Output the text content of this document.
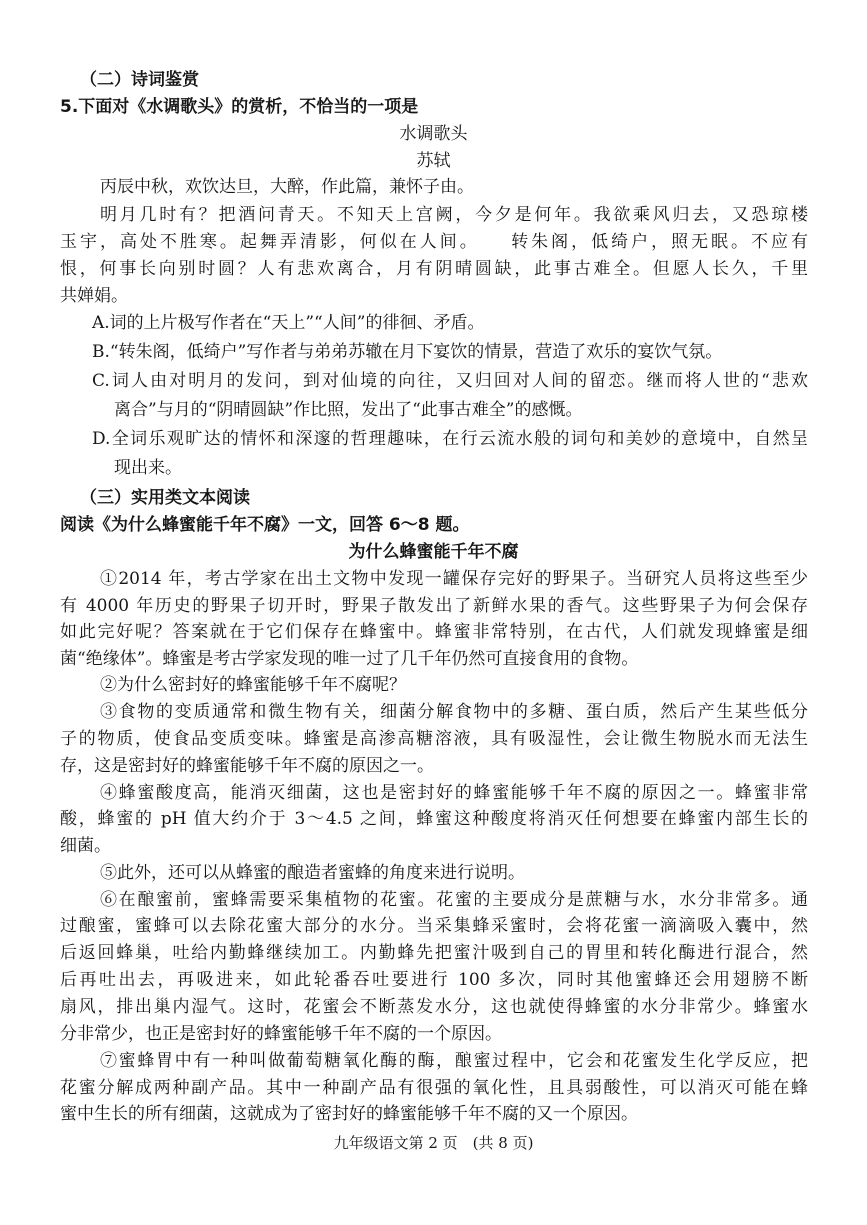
（二）诗词鉴赏
5.下面对《水调歌头》的赏析，不恰当的一项是
水调歌头
苏轼
丙辰中秋，欢饮达旦，大醉，作此篇，兼怀子由。
明月几时有？把酒问青天。不知天上宫阙，今夕是何年。我欲乘风归去，又恐琼楼
玉宇，高处不胜寒。起舞弄清影，何似在人间。　　转朱阁，低绮户，照无眠。不应有
恨，何事长向别时圆？人有悲欢离合，月有阴晴圆缺，此事古难全。但愿人长久，千里
共婵娟。
A.词的上片极写作者在“天上”“人间”的徘徊、矛盾。
B.“转朱阁，低绮户”写作者与弟弟苏辙在月下宴饮的情景，营造了欢乐的宴饮气氛。
C.词人由对明月的发问，到对仙境的向往，又归回对人间的留恋。继而将人世的“悲欢
离合”与月的“阴晴圆缺”作比照，发出了“此事古难全”的感慨。
D.全词乐观旷达的情怀和深邃的哲理趣味，在行云流水般的词句和美妙的意境中，自然呈
现出来。
（三）实用类文本阅读
阅读《为什么蜂蜜能千年不腐》一文，回答 6～8 题。
为什么蜂蜜能千年不腐
①2014 年，考古学家在出土文物中发现一罐保存完好的野果子。当研究人员将这些至少
有 4000 年历史的野果子切开时，野果子散发出了新鲜水果的香气。这些野果子为何会保存
如此完好呢？答案就在于它们保存在蜂蜜中。蜂蜜非常特别，在古代，人们就发现蜂蜜是细
菌“绝缘体”。蜂蜜是考古学家发现的唯一过了几千年仍然可直接食用的食物。
②为什么密封好的蜂蜜能够千年不腐呢？
③食物的变质通常和微生物有关，细菌分解食物中的多糖、蛋白质，然后产生某些低分
子的物质，使食品变质变味。蜂蜜是高渗高糖溶液，具有吸湿性，会让微生物脱水而无法生
存，这是密封好的蜂蜜能够千年不腐的原因之一。
④蜂蜜酸度高，能消灭细菌，这也是密封好的蜂蜜能够千年不腐的原因之一。蜂蜜非常
酸，蜂蜜的 pH 值大约介于 3～4.5 之间，蜂蜜这种酸度将消灭任何想要在蜂蜜内部生长的
细菌。
⑤此外，还可以从蜂蜜的酿造者蜜蜂的角度来进行说明。
⑥在酿蜜前，蜜蜂需要采集植物的花蜜。花蜜的主要成分是蔗糖与水，水分非常多。通
过酿蜜，蜜蜂可以去除花蜜大部分的水分。当采集蜂采蜜时，会将花蜜一滴滴吸入囊中，然
后返回蜂巢，吐给内勤蜂继续加工。内勤蜂先把蜜汁吸到自己的胃里和转化酶进行混合，然
后再吐出去，再吸进来，如此轮番吞吐要进行 100 多次，同时其他蜜蜂还会用翅膀不断
扇风，排出巢内湿气。这时，花蜜会不断蒸发水分，这也就使得蜂蜜的水分非常少。蜂蜜水
分非常少，也正是密封好的蜂蜜能够千年不腐的一个原因。
⑦蜜蜂胃中有一种叫做葡萄糖氧化酶的酶，酿蜜过程中，它会和花蜜发生化学反应，把
花蜜分解成两种副产品。其中一种副产品有很强的氧化性，且具弱酸性，可以消灭可能在蜂
蜜中生长的所有细菌，这就成为了密封好的蜂蜜能够千年不腐的又一个原因。
九年级语文第 2 页　(共 8 页)
